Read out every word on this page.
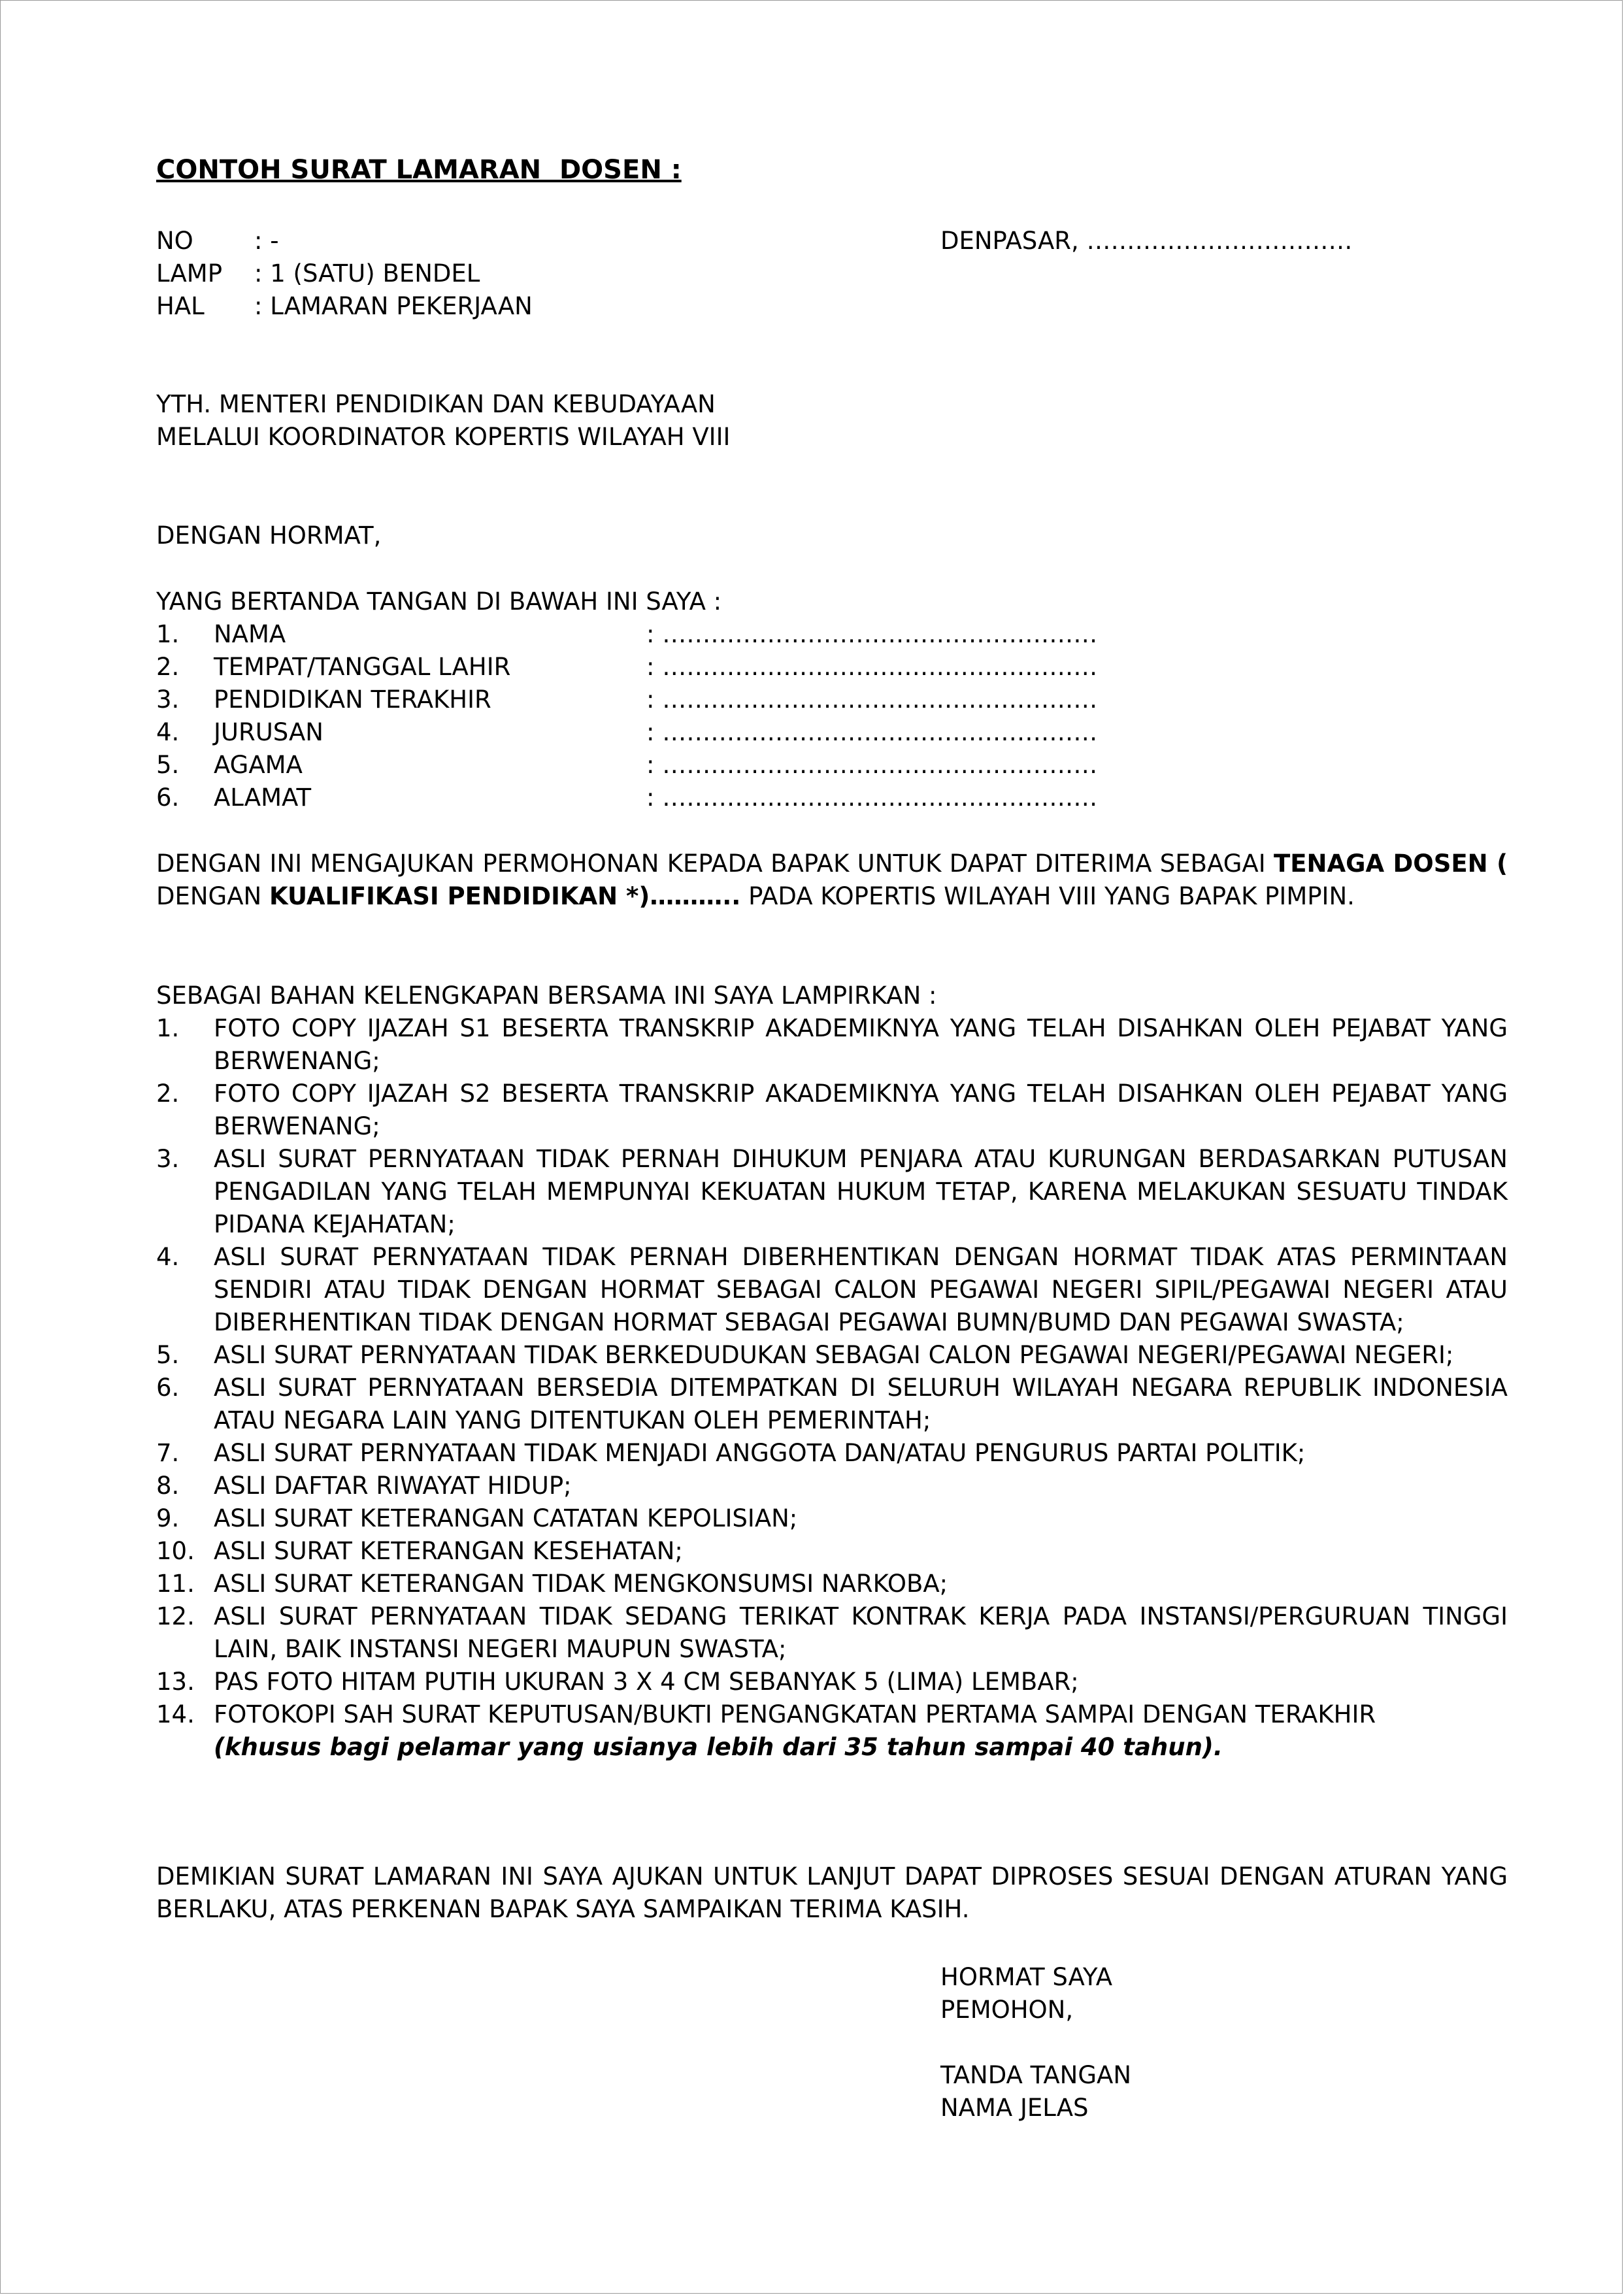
CONTOH SURAT LAMARAN  DOSEN :
NO	: -	DENPASAR, ……………………………
LAMP : 1 (SATU) BENDEL
HAL : LAMARAN PEKERJAAN
YTH. MENTERI PENDIDIKAN DAN KEBUDAYAAN
MELALUI KOORDINATOR KOPERTIS WILAYAH VIII
DENGAN HORMAT,
YANG BERTANDA TANGAN DI BAWAH INI SAYA :
1. NAMA	: ………………………………………………
2. TEMPAT/TANGGAL LAHIR	: ………………………………………………
3. PENDIDIKAN TERAKHIR	: ………………………………………………
4. JURUSAN	: ………………………………………………
5. AGAMA	: ………………………………………………
6. ALAMAT	: ………………………………………………
DENGAN INI MENGAJUKAN PERMOHONAN KEPADA BAPAK UNTUK DAPAT DITERIMA SEBAGAI TENAGA DOSEN ( DENGAN KUALIFIKASI PENDIDIKAN *)……….. PADA KOPERTIS WILAYAH VIII YANG BAPAK PIMPIN.
SEBAGAI BAHAN KELENGKAPAN BERSAMA INI SAYA LAMPIRKAN :
1. FOTO COPY IJAZAH S1 BESERTA TRANSKRIP AKADEMIKNYA YANG TELAH DISAHKAN OLEH PEJABAT YANG BERWENANG;
2. FOTO COPY IJAZAH S2 BESERTA TRANSKRIP AKADEMIKNYA YANG TELAH DISAHKAN OLEH PEJABAT YANG BERWENANG;
3. ASLI SURAT PERNYATAAN TIDAK PERNAH DIHUKUM PENJARA ATAU KURUNGAN BERDASARKAN PUTUSAN PENGADILAN YANG TELAH MEMPUNYAI KEKUATAN HUKUM TETAP, KARENA MELAKUKAN SESUATU TINDAK PIDANA KEJAHATAN;
4. ASLI SURAT PERNYATAAN TIDAK PERNAH DIBERHENTIKAN DENGAN HORMAT TIDAK ATAS PERMINTAAN SENDIRI ATAU TIDAK DENGAN HORMAT SEBAGAI CALON PEGAWAI NEGERI SIPIL/PEGAWAI NEGERI ATAU DIBERHENTIKAN TIDAK DENGAN HORMAT SEBAGAI PEGAWAI BUMN/BUMD DAN PEGAWAI SWASTA;
5. ASLI SURAT PERNYATAAN TIDAK BERKEDUDUKAN SEBAGAI CALON PEGAWAI NEGERI/PEGAWAI NEGERI;
6. ASLI SURAT PERNYATAAN BERSEDIA DITEMPATKAN DI SELURUH WILAYAH NEGARA REPUBLIK INDONESIA ATAU NEGARA LAIN YANG DITENTUKAN OLEH PEMERINTAH;
7. ASLI SURAT PERNYATAAN TIDAK MENJADI ANGGOTA DAN/ATAU PENGURUS PARTAI POLITIK;
8. ASLI DAFTAR RIWAYAT HIDUP;
9. ASLI SURAT KETERANGAN CATATAN KEPOLISIAN;
10. ASLI SURAT KETERANGAN KESEHATAN;
11. ASLI SURAT KETERANGAN TIDAK MENGKONSUMSI NARKOBA;
12. ASLI SURAT PERNYATAAN TIDAK SEDANG TERIKAT KONTRAK KERJA PADA INSTANSI/PERGURUAN TINGGI LAIN, BAIK INSTANSI NEGERI MAUPUN SWASTA;
13. PAS FOTO HITAM PUTIH UKURAN 3 X 4 CM SEBANYAK 5 (LIMA) LEMBAR;
14. FOTOKOPI SAH SURAT KEPUTUSAN/BUKTI PENGANGKATAN PERTAMA SAMPAI DENGAN TERAKHIR
(khusus bagi pelamar yang usianya lebih dari 35 tahun sampai 40 tahun).
DEMIKIAN SURAT LAMARAN INI SAYA AJUKAN UNTUK LANJUT DAPAT DIPROSES SESUAI DENGAN ATURAN YANG BERLAKU, ATAS PERKENAN BAPAK SAYA SAMPAIKAN TERIMA KASIH.
HORMAT SAYA
PEMOHON,
TANDA TANGAN
NAMA JELAS
